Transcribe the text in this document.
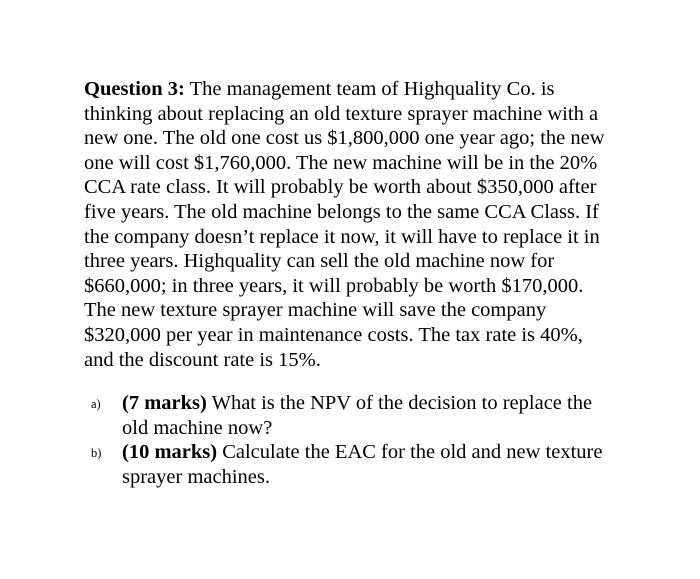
Question 3: The management team of Highquality Co. is thinking about replacing an old texture sprayer machine with a new one. The old one cost us $1,800,000 one year ago; the new one will cost $1,760,000. The new machine will be in the 20% CCA rate class. It will probably be worth about $350,000 after five years. The old machine belongs to the same CCA Class. If the company doesn’t replace it now, it will have to replace it in three years. Highquality can sell the old machine now for $660,000; in three years, it will probably be worth $170,000. The new texture sprayer machine will save the company $320,000 per year in maintenance costs. The tax rate is 40%, and the discount rate is 15%.

a) (7 marks) What is the NPV of the decision to replace the old machine now?
b) (10 marks) Calculate the EAC for the old and new texture sprayer machines.
